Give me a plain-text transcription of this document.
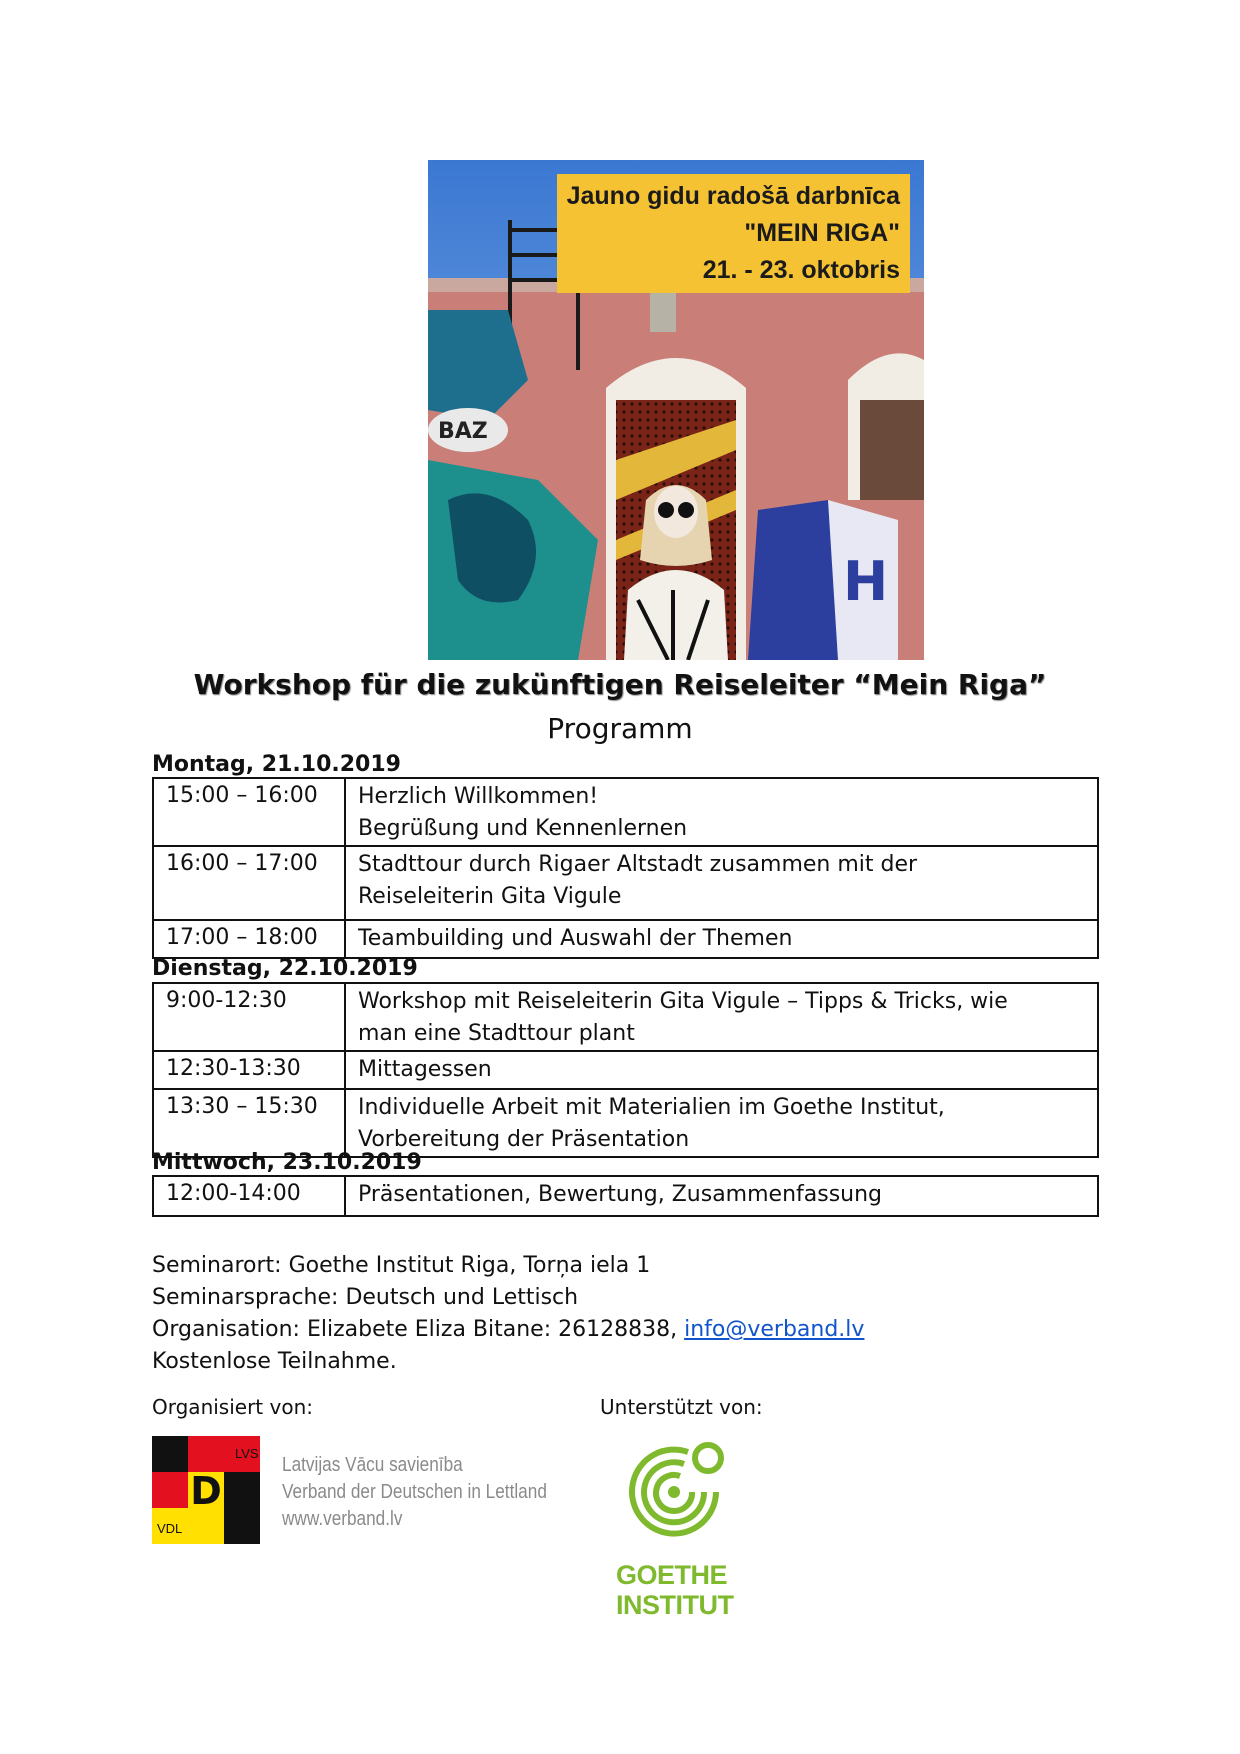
BAZ
H
Jauno gidu radošā darbnīca
"MEIN RIGA"
21. - 23. oktobris
Workshop für die zukünftigen Reiseleiter “Mein Riga”
Programm
Montag, 21.10.2019
15:00 – 16:00	Herzlich Willkommen!
Begrüßung und Kennenlernen

16:00 – 17:00	Stadttour durch Rigaer Altstadt zusammen mit der
Reiseleiterin Gita Vigule

17:00 – 18:00	Teambuilding und Auswahl der Themen
Dienstag, 22.10.2019
9:00-12:30	Workshop mit Reiseleiterin Gita Vigule – Tipps & Tricks, wie
man eine Stadttour plant

12:30-13:30	Mittagessen

13:30 – 15:30	Individuelle Arbeit mit Materialien im Goethe Institut,
Vorbereitung der Präsentation
Mittwoch, 23.10.2019
12:00-14:00	Präsentationen, Bewertung, Zusammenfassung
Seminarort: Goethe Institut Riga, Torņa iela 1
Seminarsprache: Deutsch und Lettisch
Organisation: Elizabete Eliza Bitane: 26128838, info@verband.lv
Kostenlose Teilnahme.
Organisiert von:	Unterstützt von:
D
LVS
VDL
Latvijas Vācu savienība
Verband der Deutschen in Lettland
www.verband.lv
GOETHE
INSTITUT
